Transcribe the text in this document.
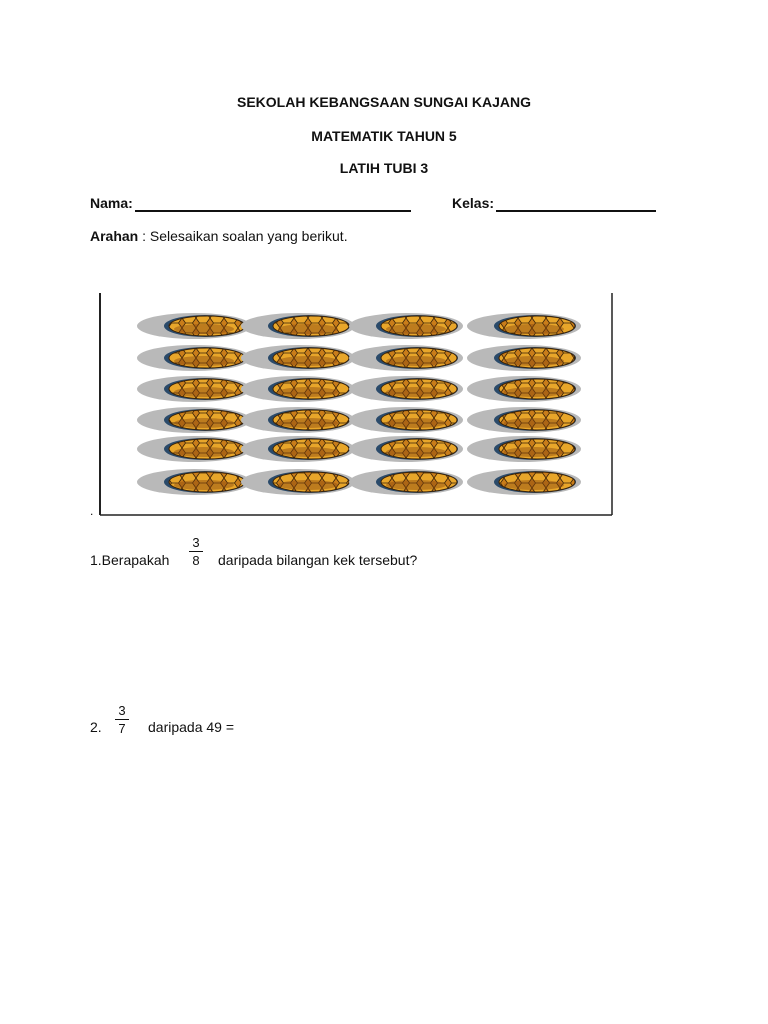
SEKOLAH KEBANGSAAN SUNGAI KAJANG
MATEMATIK TAHUN 5
LATIH TUBI 3
Nama:	Kelas:
Arahan : Selesaikan soalan yang berikut.
.
1.Berapakah
3
8 daripada bilangan kek tersebut?
2.
3
7 daripada 49 =
